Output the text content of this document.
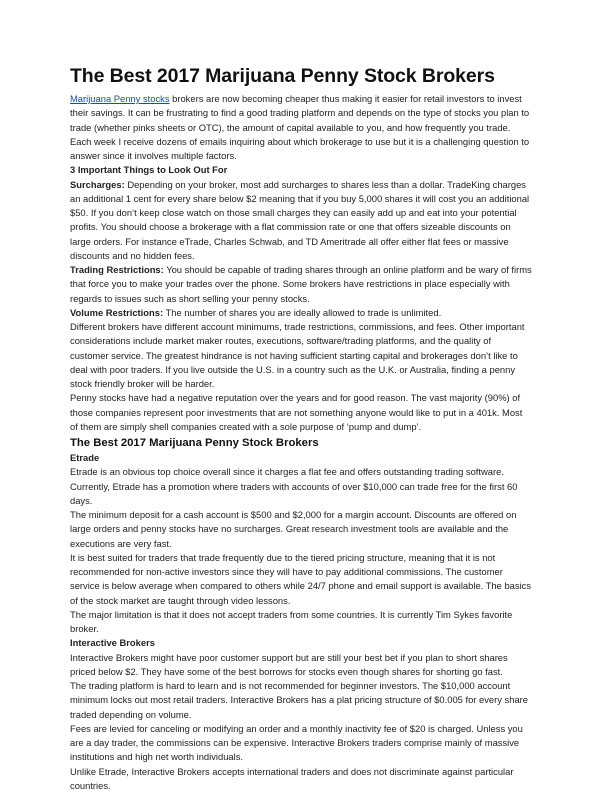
The Best 2017 Marijuana Penny Stock Brokers

Marijuana Penny stocks brokers are now becoming cheaper thus making it easier for retail investors to invest their savings. It can be frustrating to find a good trading platform and depends on the type of stocks you plan to trade (whether pinks sheets or OTC), the amount of capital available to you, and how frequently you trade. Each week I receive dozens of emails inquiring about which brokerage to use but it is a challenging question to answer since it involves multiple factors.

3 Important Things to Look Out For

Surcharges: Depending on your broker, most add surcharges to shares less than a dollar. TradeKing charges an additional 1 cent for every share below $2 meaning that if you buy 5,000 shares it will cost you an additional $50. If you don’t keep close watch on those small charges they can easily add up and eat into your potential profits. You should choose a brokerage with a flat commission rate or one that offers sizeable discounts on large orders. For instance eTrade, Charles Schwab, and TD Ameritrade all offer either flat fees or massive discounts and no hidden fees.

Trading Restrictions: You should be capable of trading shares through an online platform and be wary of firms that force you to make your trades over the phone. Some brokers have restrictions in place especially with regards to issues such as short selling your penny stocks.

Volume Restrictions: The number of shares you are ideally allowed to trade is unlimited.

Different brokers have different account minimums, trade restrictions, commissions, and fees. Other important considerations include market maker routes, executions, software/trading platforms, and the quality of customer service. The greatest hindrance is not having sufficient starting capital and brokerages don’t like to deal with poor traders. If you live outside the U.S. in a country such as the U.K. or Australia, finding a penny stock friendly broker will be harder.

Penny stocks have had a negative reputation over the years and for good reason. The vast majority (90%) of those companies represent poor investments that are not something anyone would like to put in a 401k. Most of them are simply shell companies created with a sole purpose of ‘pump and dump’.

The Best 2017 Marijuana Penny Stock Brokers
Etrade

Etrade is an obvious top choice overall since it charges a flat fee and offers outstanding trading software. Currently, Etrade has a promotion where traders with accounts of over $10,000 can trade free for the first 60 days.

The minimum deposit for a cash account is $500 and $2,000 for a margin account. Discounts are offered on large orders and penny stocks have no surcharges. Great research investment tools are available and the executions are very fast.

It is best suited for traders that trade frequently due to the tiered pricing structure, meaning that it is not recommended for non-active investors since they will have to pay additional commissions. The customer service is below average when compared to others while 24/7 phone and email support is available. The basics of the stock market are taught through video lessons.

The major limitation is that it does not accept traders from some countries. It is currently Tim Sykes favorite broker.

Interactive Brokers

Interactive Brokers might have poor customer support but are still your best bet if you plan to short shares priced below $2. They have some of the best borrows for stocks even though shares for shorting go fast.

The trading platform is hard to learn and is not recommended for beginner investors. The $10,000 account minimum locks out most retail traders. Interactive Brokers has a plat pricing structure of $0.005 for every share traded depending on volume.

Fees are levied for canceling or modifying an order and a monthly inactivity fee of $20 is charged. Unless you are a day trader, the commissions can be expensive. Interactive Brokers traders comprise mainly of massive institutions and high net worth individuals.

Unlike Etrade, Interactive Brokers accepts international traders and does not discriminate against particular countries.
